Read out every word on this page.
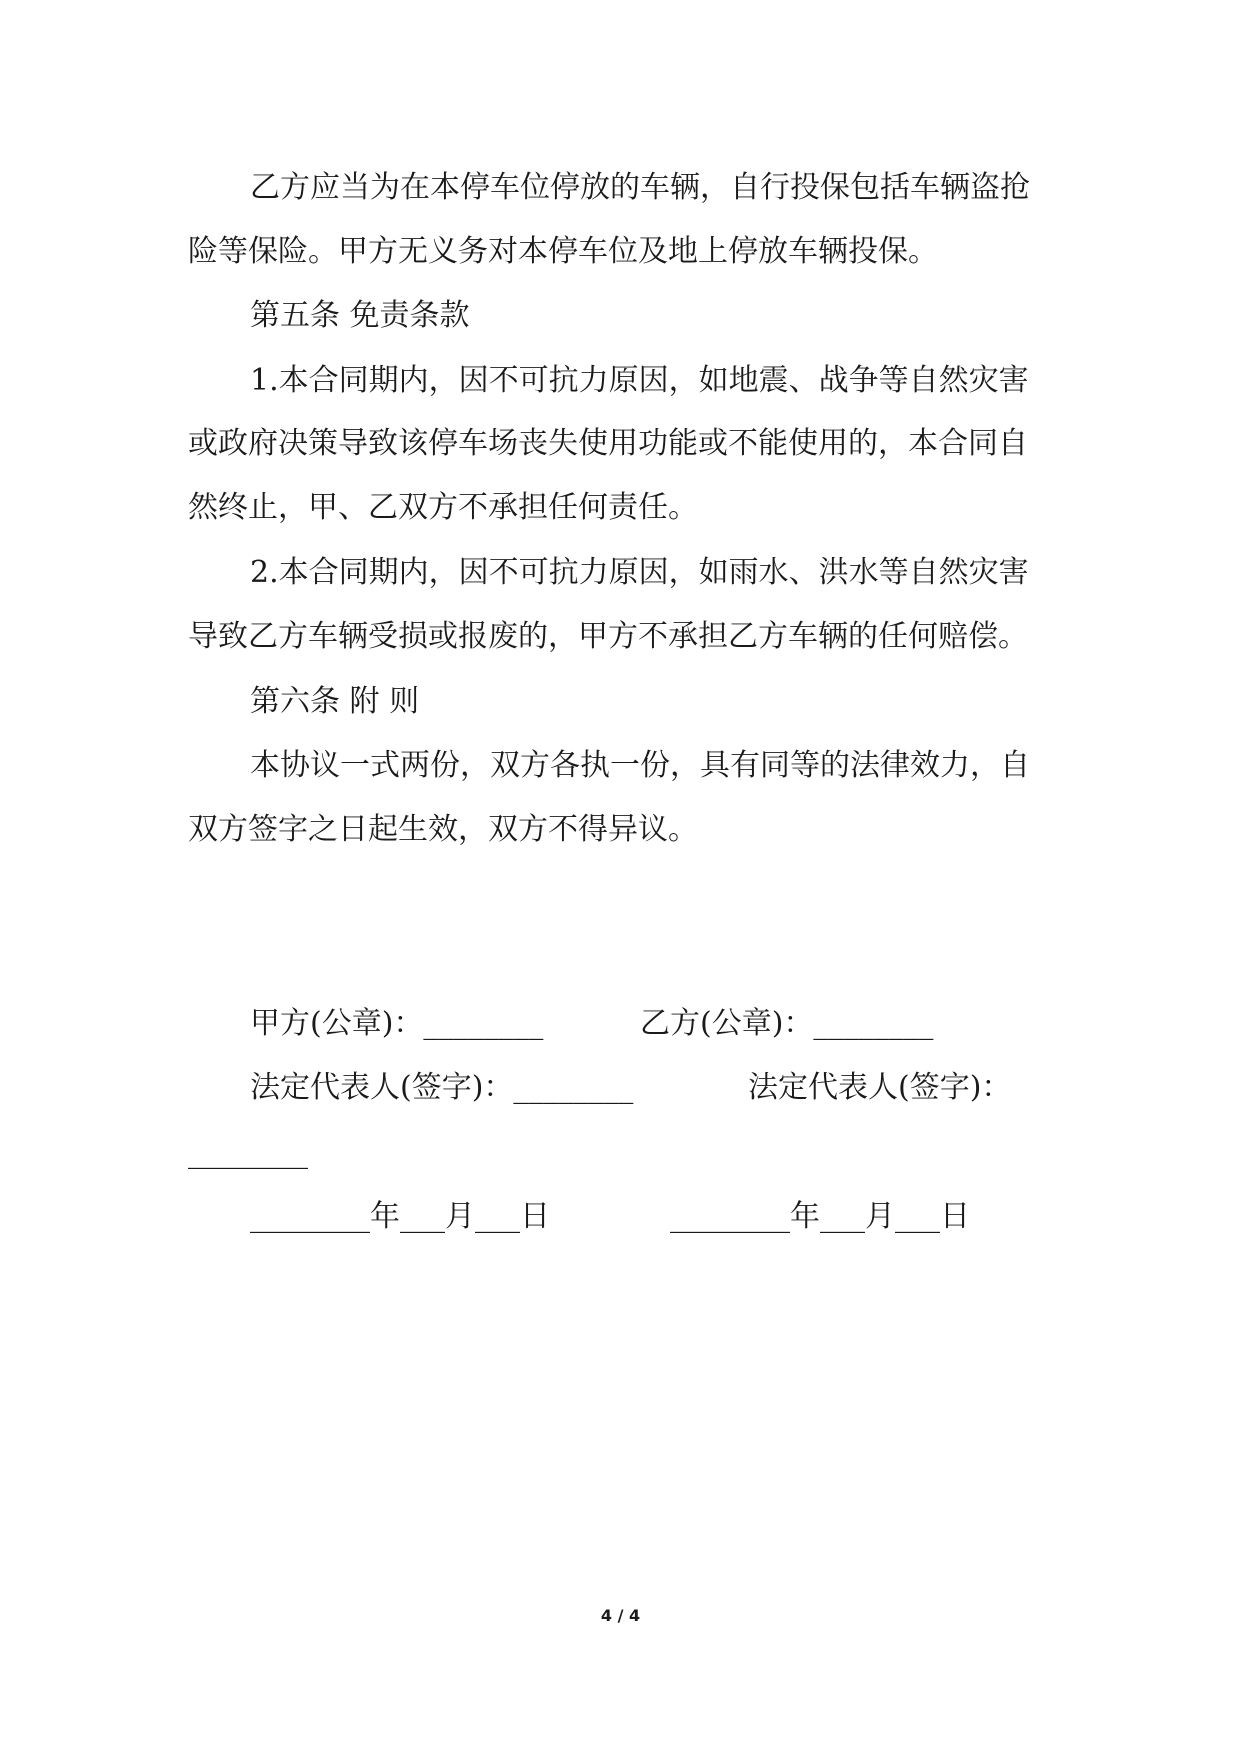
乙方应当为在本停车位停放的车辆，自行投保包括车辆盗抢
险等保险。甲方无义务对本停车位及地上停放车辆投保。
第五条 免责条款
1.本合同期内，因不可抗力原因，如地震、战争等自然灾害
或政府决策导致该停车场丧失使用功能或不能使用的，本合同自
然终止，甲、乙双方不承担任何责任。
2.本合同期内，因不可抗力原因，如雨水、洪水等自然灾害
导致乙方车辆受损或报废的，甲方不承担乙方车辆的任何赔偿。
第六条 附 则
本协议一式两份，双方各执一份，具有同等的法律效力，自
双方签字之日起生效，双方不得异议。
甲方(公章)：________	乙方(公章)：________
法定代表人(签字)：________	法定代表人(签字)：
________
________年___月___日	________年___月___日
4 / 4
